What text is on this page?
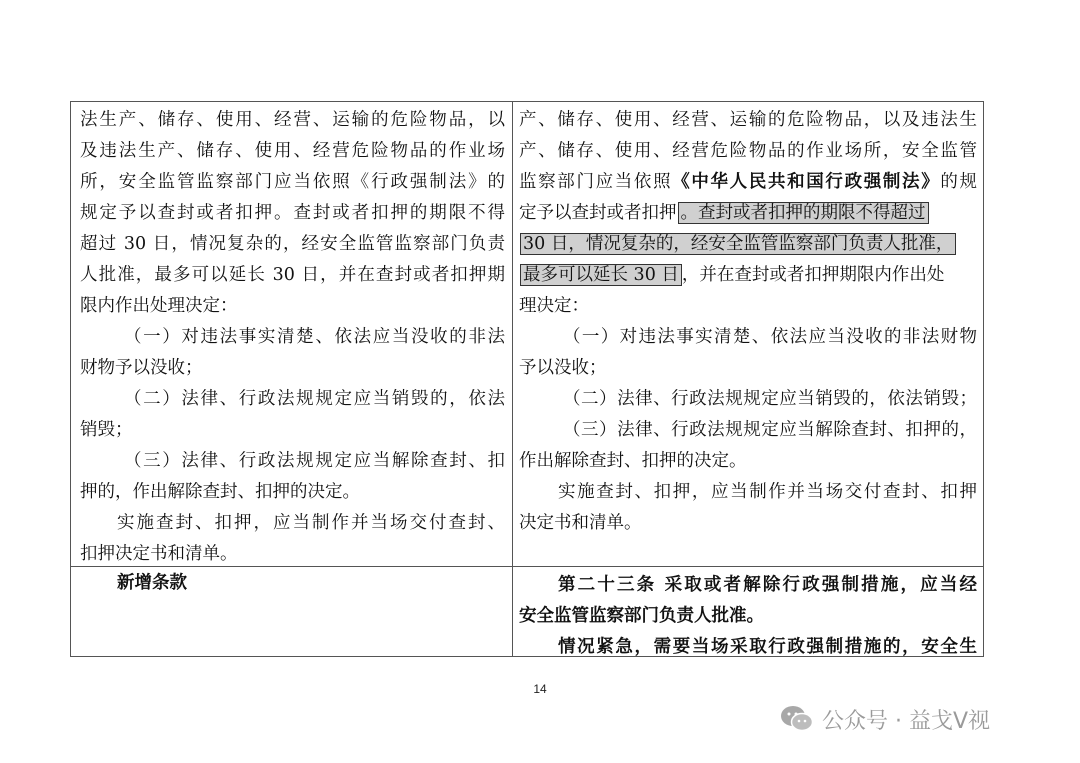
法生产、储存、使用、经营、运输的危险物品，以
及违法生产、储存、使用、经营危险物品的作业场
所，安全监管监察部门应当依照《行政强制法》的
规定予以查封或者扣押。查封或者扣押的期限不得
超过 30 日，情况复杂的，经安全监管监察部门负责
人批准，最多可以延长 30 日，并在查封或者扣押期
限内作出处理决定：
（一）对违法事实清楚、依法应当没收的非法
财物予以没收；
（二）法律、行政法规规定应当销毁的，依法
销毁；
（三）法律、行政法规规定应当解除查封、扣
押的，作出解除查封、扣押的决定。
实施查封、扣押，应当制作并当场交付查封、
扣押决定书和清单。
产、储存、使用、经营、运输的危险物品，以及违法生
产、储存、使用、经营危险物品的作业场所，安全监管
监察部门应当依照《中华人民共和国行政强制法》的规
定予以查封或者扣押 。查封或者扣押的期限不得超过
30 日，情况复杂的，经安全监管监察部门负责人批准，
最多可以延长 30 日 ，并在查封或者扣押期限内作出处
理决定：
（一）对违法事实清楚、依法应当没收的非法财物
予以没收；
（二）法律、行政法规规定应当销毁的，依法销毁；
（三）法律、行政法规规定应当解除查封、扣押的，
作出解除查封、扣押的决定。
实施查封、扣押，应当制作并当场交付查封、扣押
决定书和清单。
新增条款	第二十三条 采取或者解除行政强制措施，应当经
安全监管监察部门负责人批准。
情况紧急，需要当场采取行政强制措施的，安全生
14
公众号 · 益戈V视
